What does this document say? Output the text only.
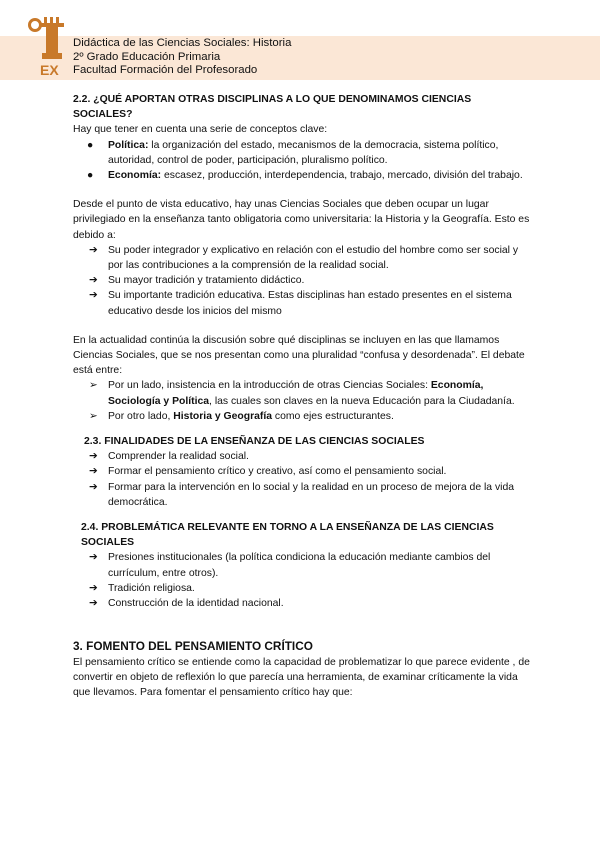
EX
Didáctica de las Ciencias Sociales: Historia
2º Grado Educación Primaria
Facultad Formación del Profesorado
2.2. ¿QUÉ APORTAN OTRAS DISCIPLINAS A LO QUE DENOMINAMOS CIENCIAS SOCIALES?

Hay que tener en cuenta una serie de conceptos clave:

● Política: la organización del estado, mecanismos de la democracia, sistema político, autoridad, control de poder, participación, pluralismo político.
● Economía: escasez, producción, interdependencia, trabajo, mercado, división del trabajo.

Desde el punto de vista educativo, hay unas Ciencias Sociales que deben ocupar un lugar privilegiado en la enseñanza tanto obligatoria como universitaria: la Historia y la Geografía. Esto es debido a:

➔ Su poder integrador y explicativo en relación con el estudio del hombre como ser social y por las contribuciones a la comprensión de la realidad social.
➔ Su mayor tradición y tratamiento didáctico.
➔ Su importante tradición educativa. Estas disciplinas han estado presentes en el sistema educativo desde los inicios del mismo

En la actualidad continúa la discusión sobre qué disciplinas se incluyen en las que llamamos Ciencias Sociales, que se nos presentan como una pluralidad “confusa y desordenada”. El debate está entre:

➢ Por un lado, insistencia en la introducción de otras Ciencias Sociales: Economía, Sociología y Política, las cuales son claves en la nueva Educación para la Ciudadanía.
➢ Por otro lado, Historia y Geografía como ejes estructurantes.
2.3. FINALIDADES DE LA ENSEÑANZA DE LAS CIENCIAS SOCIALES
➔ Comprender la realidad social.
➔ Formar el pensamiento crítico y creativo, así como el pensamiento social.
➔ Formar para la intervención en lo social y la realidad en un proceso de mejora de la vida democrática.
2.4. PROBLEMÁTICA RELEVANTE EN TORNO A LA ENSEÑANZA DE LAS CIENCIAS SOCIALES
➔ Presiones institucionales (la política condiciona la educación mediante cambios del currículum, entre otros).
➔ Tradición religiosa.
➔ Construcción de la identidad nacional.

3. FOMENTO DEL PENSAMIENTO CRÍTICO

El pensamiento crítico se entiende como la capacidad de problematizar lo que parece evidente , de convertir en objeto de reflexión lo que parecía una herramienta, de examinar críticamente la vida que llevamos. Para fomentar el pensamiento crítico hay que:
